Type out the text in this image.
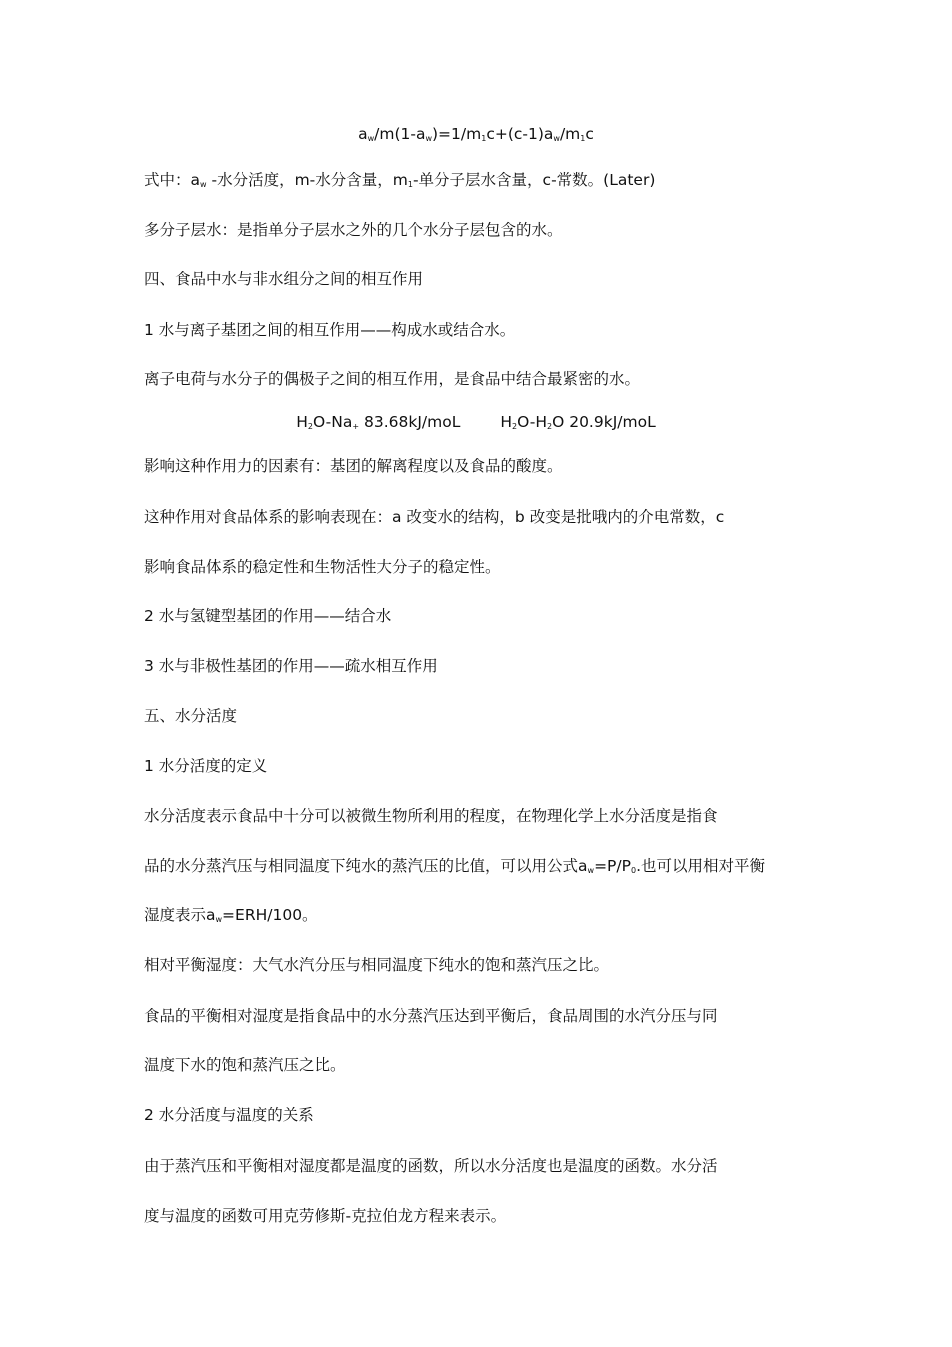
$a_w/m(1-a_w)=1/m_1c+(c-1)a_w/m_1c$
式中：$a_w$ -水分活度，m-水分含量，$m_1-$单分子层水含量，c-常数。(Later)
多分子层水：是指单分子层水之外的几个水分子层包含的水。
四、食品中水与非水组分之间的相互作用
1 水与离子基团之间的相互作用——构成水或结合水。
离子电荷与水分子的偶极子之间的相互作用，是食品中结合最紧密的水。
$H_2O-Na_+$ 83.68kJ/moL	$H_2O-H_2O$ 20.9kJ/moL
影响这种作用力的因素有：基团的解离程度以及食品的酸度。
这种作用对食品体系的影响表现在：a 改变水的结构，b 改变是批哦内的介电常数，c
影响食品体系的稳定性和生物活性大分子的稳定性。
2 水与氢键型基团的作用——结合水
3 水与非极性基团的作用——疏水相互作用
五、水分活度
1 水分活度的定义
水分活度表示食品中十分可以被微生物所利用的程度，在物理化学上水分活度是指食
品的水分蒸汽压与相同温度下纯水的蒸汽压的比值，可以用公式$a_w=P/P_0$.也可以用相对平衡
湿度表示$a_w=ERH/100$。
相对平衡湿度：大气水汽分压与相同温度下纯水的饱和蒸汽压之比。
食品的平衡相对湿度是指食品中的水分蒸汽压达到平衡后，食品周围的水汽分压与同
温度下水的饱和蒸汽压之比。
2 水分活度与温度的关系
由于蒸汽压和平衡相对湿度都是温度的函数，所以水分活度也是温度的函数。水分活
度与温度的函数可用克劳修斯-克拉伯龙方程来表示。
